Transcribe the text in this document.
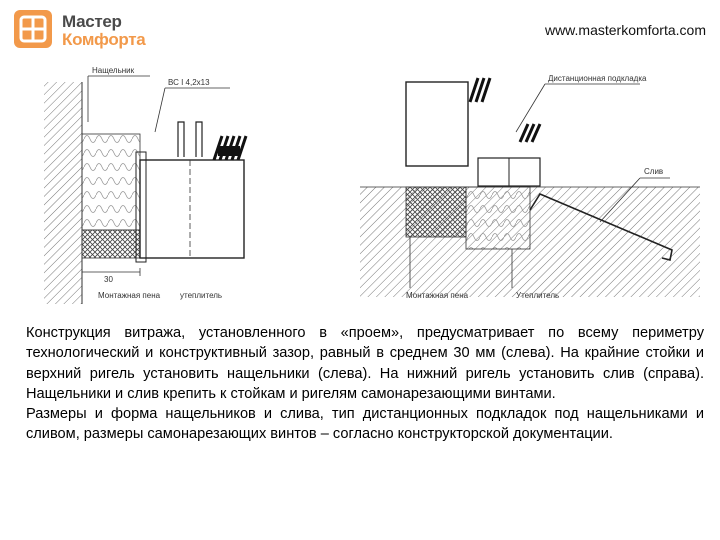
Мастер
Комфорта	www.masterkomforta.com
Нащельник
ВС I 4,2х13
30
Монтажная пена утеплитель
Дистанционная подкладка
Слив
Монтажная пена	Утеплитель

Конструкция витража, установленного в «проем», предусматривает по всему периметру технологический и конструктивный зазор, равный в среднем 30 мм (слева). На крайние стойки и верхний ригель установить нащельники (слева). На нижний ригель установить слив (справа). Нащельники и слив крепить к стойкам и ригелям самонарезающими винтами.

Размеры и форма нащельников и слива, тип дистанционных подкладок под нащельниками и сливом, размеры самонарезающих винтов – согласно конструкторской документации.
